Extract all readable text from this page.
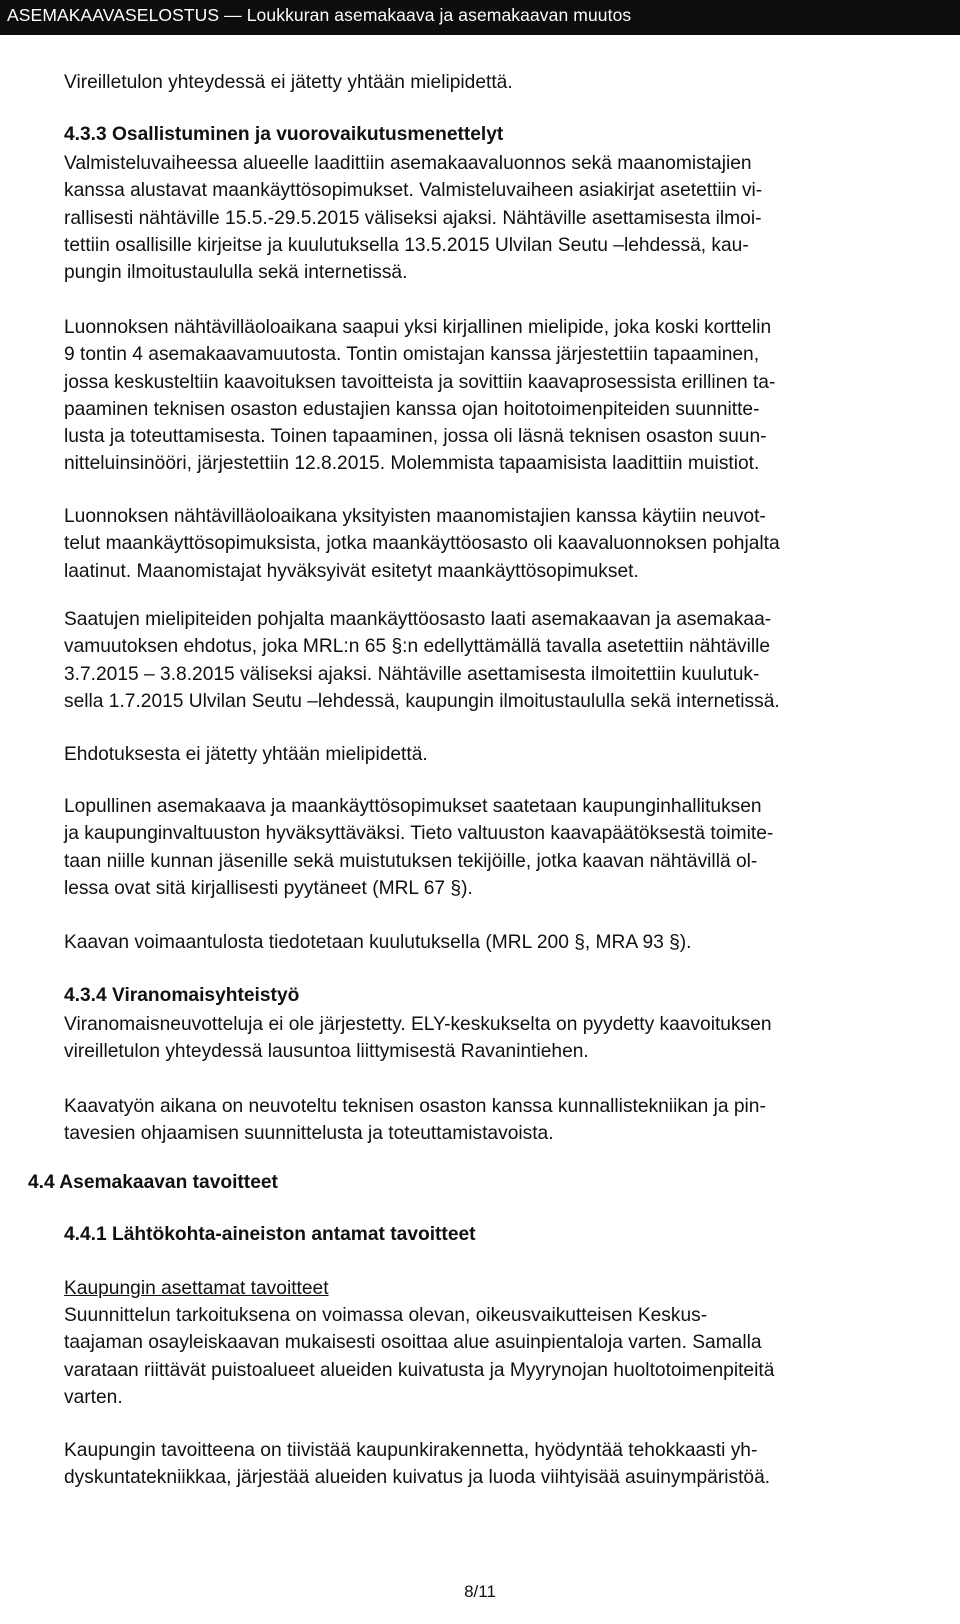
ASEMAKAAVASELOSTUS — Loukkuran asemakaava ja asemakaavan muutos
Vireilletulon yhteydessä ei jätetty yhtään mielipidettä.
4.3.3 Osallistuminen ja vuorovaikutusmenettelyt
Valmisteluvaiheessa alueelle laadittiin asemakaavaluonnos sekä maanomistajien
kanssa alustavat maankäyttösopimukset. Valmisteluvaiheen asiakirjat asetettiin vi-
rallisesti nähtäville 15.5.-29.5.2015 väliseksi ajaksi. Nähtäville asettamisesta ilmoi-
tettiin osallisille kirjeitse ja kuulutuksella 13.5.2015 Ulvilan Seutu –lehdessä, kau-
pungin ilmoitustaululla sekä internetissä.
Luonnoksen nähtävilläoloaikana saapui yksi kirjallinen mielipide, joka koski korttelin
9 tontin 4 asemakaavamuutosta. Tontin omistajan kanssa järjestettiin tapaaminen,
jossa keskusteltiin kaavoituksen tavoitteista ja sovittiin kaavaprosessista erillinen ta-
paaminen teknisen osaston edustajien kanssa ojan hoitotoimenpiteiden suunnitte-
lusta ja toteuttamisesta. Toinen tapaaminen, jossa oli läsnä teknisen osaston suun-
nitteluinsinööri, järjestettiin 12.8.2015. Molemmista tapaamisista laadittiin muistiot.
Luonnoksen nähtävilläoloaikana yksityisten maanomistajien kanssa käytiin neuvot-
telut maankäyttösopimuksista, jotka maankäyttöosasto oli kaavaluonnoksen pohjalta
laatinut. Maanomistajat hyväksyivät esitetyt maankäyttösopimukset.
Saatujen mielipiteiden pohjalta maankäyttöosasto laati asemakaavan ja asemakaa-
vamuutoksen ehdotus, joka MRL:n 65 §:n edellyttämällä tavalla asetettiin nähtäville
3.7.2015 – 3.8.2015 väliseksi ajaksi. Nähtäville asettamisesta ilmoitettiin kuulutuk-
sella 1.7.2015 Ulvilan Seutu –lehdessä, kaupungin ilmoitustaululla sekä internetissä.
Ehdotuksesta ei jätetty yhtään mielipidettä.
Lopullinen asemakaava ja maankäyttösopimukset saatetaan kaupunginhallituksen
ja kaupunginvaltuuston hyväksyttäväksi. Tieto valtuuston kaavapäätöksestä toimite-
taan niille kunnan jäsenille sekä muistutuksen tekijöille, jotka kaavan nähtävillä ol-
lessa ovat sitä kirjallisesti pyytäneet (MRL 67 §).
Kaavan voimaantulosta tiedotetaan kuulutuksella (MRL 200 §, MRA 93 §).
4.3.4 Viranomaisyhteistyö
Viranomaisneuvotteluja ei ole järjestetty. ELY-keskukselta on pyydetty kaavoituksen
vireilletulon yhteydessä lausuntoa liittymisestä Ravanintiehen.
Kaavatyön aikana on neuvoteltu teknisen osaston kanssa kunnallistekniikan ja pin-
tavesien ohjaamisen suunnittelusta ja toteuttamistavoista.
4.4 Asemakaavan tavoitteet
4.4.1 Lähtökohta-aineiston antamat tavoitteet
Kaupungin asettamat tavoitteet
Suunnittelun tarkoituksena on voimassa olevan, oikeusvaikutteisen Keskus-
taajaman osayleiskaavan mukaisesti osoittaa alue asuinpientaloja varten. Samalla
varataan riittävät puistoalueet alueiden kuivatusta ja Myyrynojan huoltotoimenpiteitä
varten.
Kaupungin tavoitteena on tiivistää kaupunkirakennetta, hyödyntää tehokkaasti yh-
dyskuntatekniikkaa, järjestää alueiden kuivatus ja luoda viihtyisää asuinympäristöä.
8/11
